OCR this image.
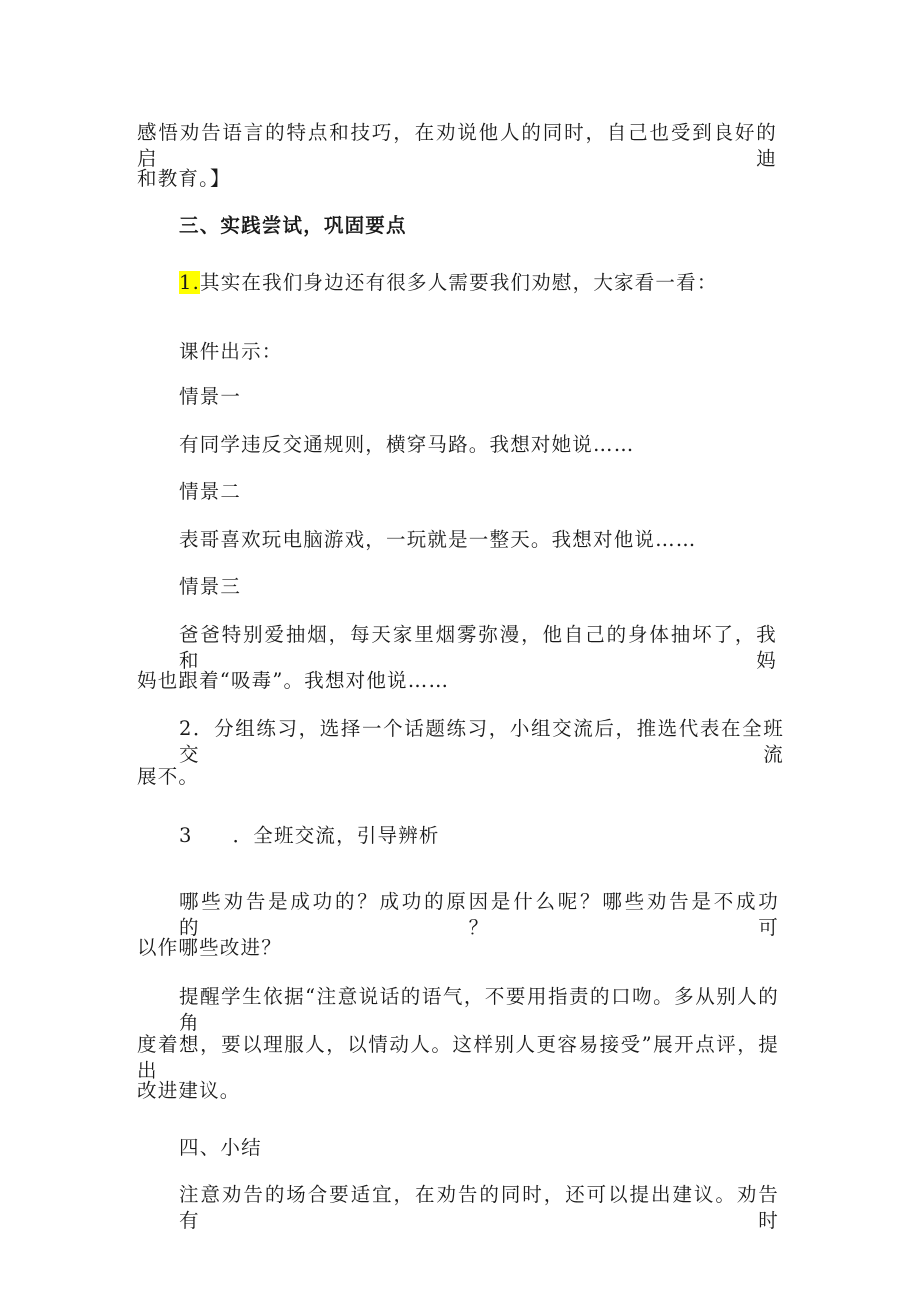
感悟劝告语言的特点和技巧，在劝说他人的同时，自己也受到良好的启迪
和教育。】
三、实践尝试，巩固要点
1.其实在我们身边还有很多人需要我们劝慰，大家看一看：
课件出示：
情景一
有同学违反交通规则，横穿马路。我想对她说……
情景二
表哥喜欢玩电脑游戏，一玩就是一整天。我想对他说……
情景三
爸爸特别爱抽烟，每天家里烟雾弥漫，他自己的身体抽坏了，我和妈
妈也跟着“吸毒”。我想对他说……
2．分组练习，选择一个话题练习，小组交流后，推选代表在全班交流
展不。
3 ．全班交流，引导辨析
哪些劝告是成功的？成功的原因是什么呢？哪些劝告是不成功的？可
以作哪些改进？
提醒学生依据“注意说话的语气，不要用指责的口吻。多从别人的角
度着想，要以理服人，以情动人。这样别人更容易接受”展开点评，提出
改进建议。
四、小结
注意劝告的场合要适宜，在劝告的同时，还可以提出建议。劝告有时
